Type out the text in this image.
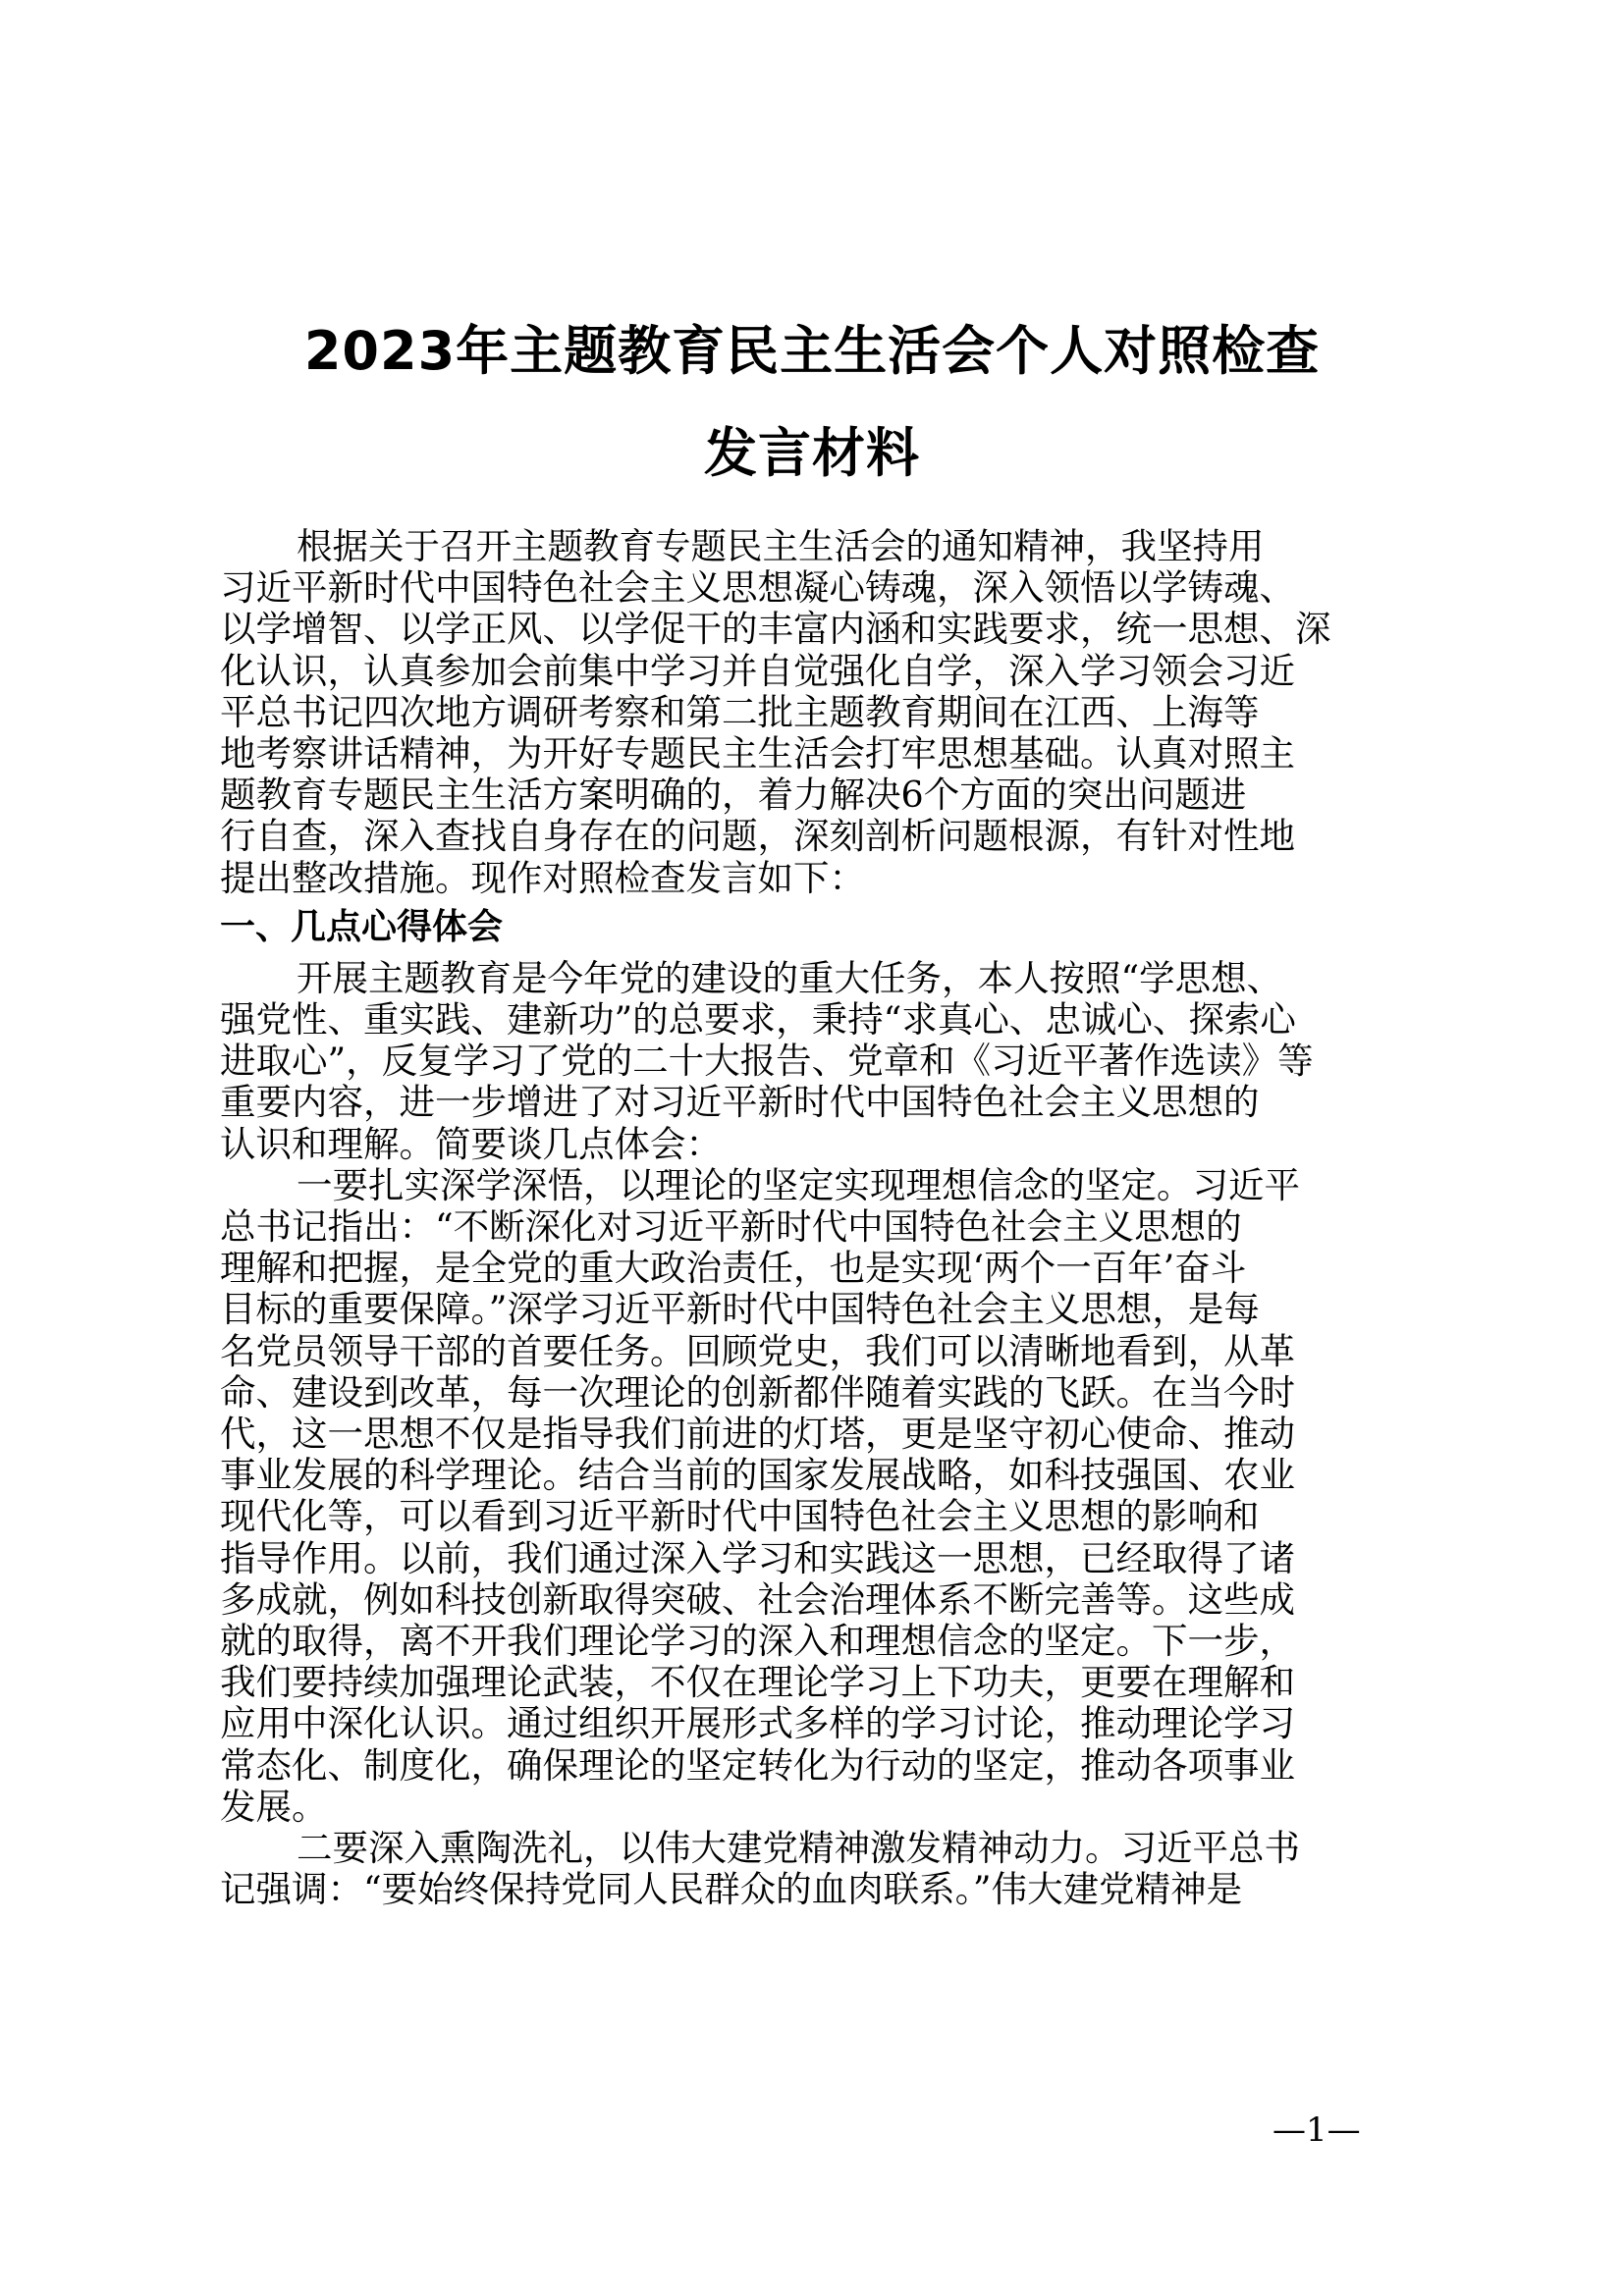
2023年主题教育民主生活会个人对照检查
发言材料

根据关于召开主题教育专题民主生活会的通知精神，我坚持用
习近平新时代中国特色社会主义思想凝心铸魂，深入领悟以学铸魂、
以学增智、以学正风、以学促干的丰富内涵和实践要求，统一思想、深
化认识，认真参加会前集中学习并自觉强化自学，深入学习领会习近
平总书记四次地方调研考察和第二批主题教育期间在江西、上海等
地考察讲话精神，为开好专题民主生活会打牢思想基础。认真对照主
题教育专题民主生活方案明确的，着力解决6个方面的突出问题进
行自查，深入查找自身存在的问题，深刻剖析问题根源，有针对性地
提出整改措施。现作对照检查发言如下：

一、几点心得体会

开展主题教育是今年党的建设的重大任务，本人按照“学思想、
强党性、重实践、建新功”的总要求，秉持“求真心、忠诚心、探索心
进取心”，反复学习了党的二十大报告、党章和《习近平著作选读》等
重要内容，进一步增进了对习近平新时代中国特色社会主义思想的
认识和理解。简要谈几点体会：

一要扎实深学深悟，以理论的坚定实现理想信念的坚定。习近平
总书记指出：“不断深化对习近平新时代中国特色社会主义思想的
理解和把握，是全党的重大政治责任，也是实现‘两个一百年’奋斗
目标的重要保障。”深学习近平新时代中国特色社会主义思想，是每
名党员领导干部的首要任务。回顾党史，我们可以清晰地看到，从革
命、建设到改革，每一次理论的创新都伴随着实践的飞跃。在当今时
代，这一思想不仅是指导我们前进的灯塔，更是坚守初心使命、推动
事业发展的科学理论。结合当前的国家发展战略，如科技强国、农业
现代化等，可以看到习近平新时代中国特色社会主义思想的影响和
指导作用。以前，我们通过深入学习和实践这一思想，已经取得了诸
多成就，例如科技创新取得突破、社会治理体系不断完善等。这些成
就的取得，离不开我们理论学习的深入和理想信念的坚定。下一步，
我们要持续加强理论武装，不仅在理论学习上下功夫，更要在理解和
应用中深化认识。通过组织开展形式多样的学习讨论，推动理论学习
常态化、制度化，确保理论的坚定转化为行动的坚定，推动各项事业
发展。

二要深入熏陶洗礼，以伟大建党精神激发精神动力。习近平总书
记强调：“要始终保持党同人民群众的血肉联系。”伟大建党精神是

—1—
